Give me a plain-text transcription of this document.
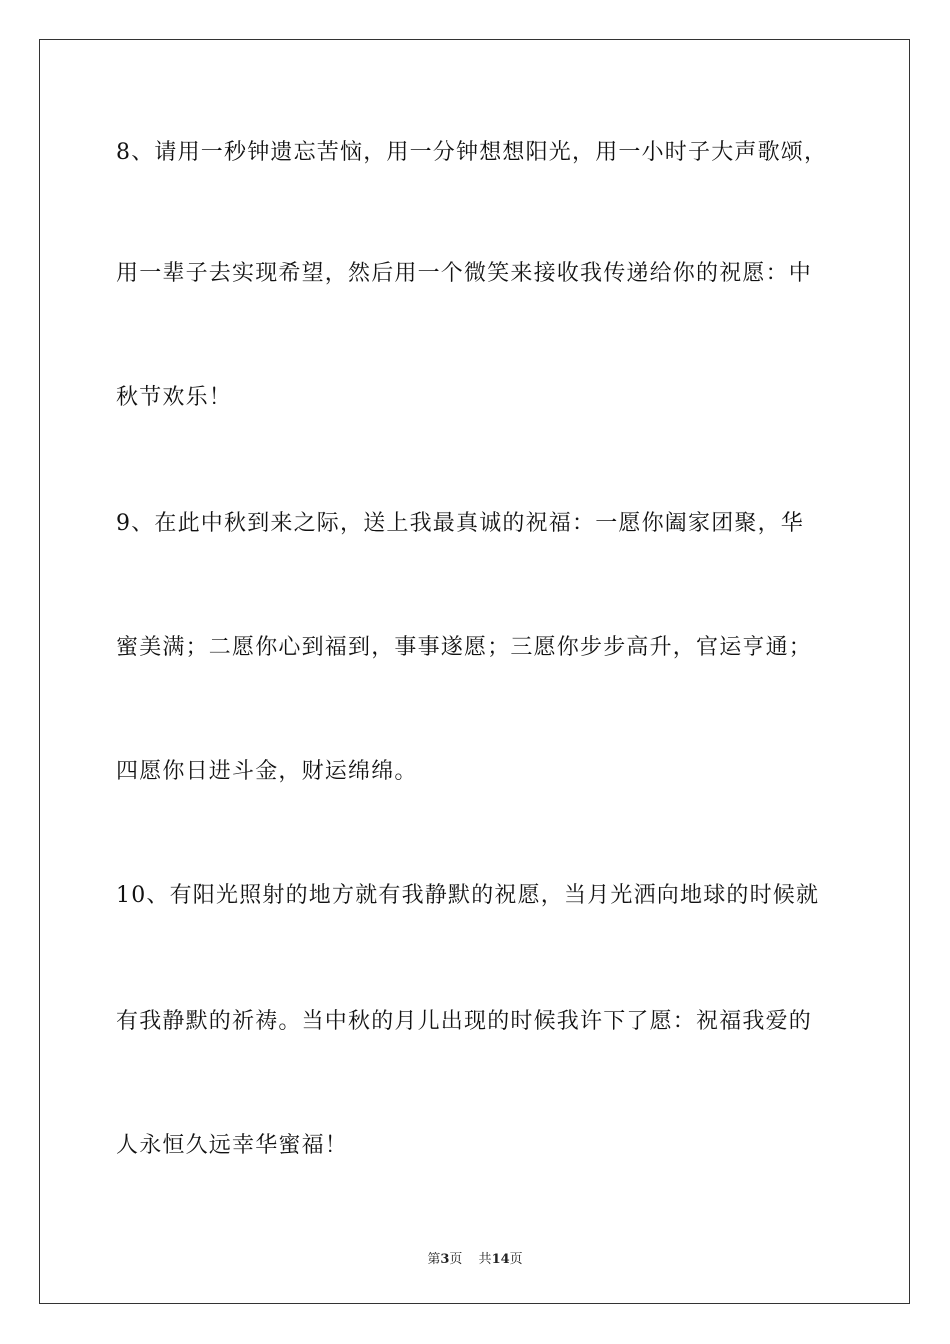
8、请用一秒钟遗忘苦恼，用一分钟想想阳光，用一小时子大声歌颂，
用一辈子去实现希望，然后用一个微笑来接收我传递给你的祝愿：中
秋节欢乐！
9、在此中秋到来之际，送上我最真诚的祝福：一愿你阖家团聚，华
蜜美满；二愿你心到福到，事事遂愿；三愿你步步高升，官运亨通；
四愿你日进斗金，财运绵绵。
10、有阳光照射的地方就有我静默的祝愿，当月光洒向地球的时候就
有我静默的祈祷。当中秋的月儿出现的时候我许下了愿：祝福我爱的
人永恒久远幸华蜜福！
第3页 共14页
